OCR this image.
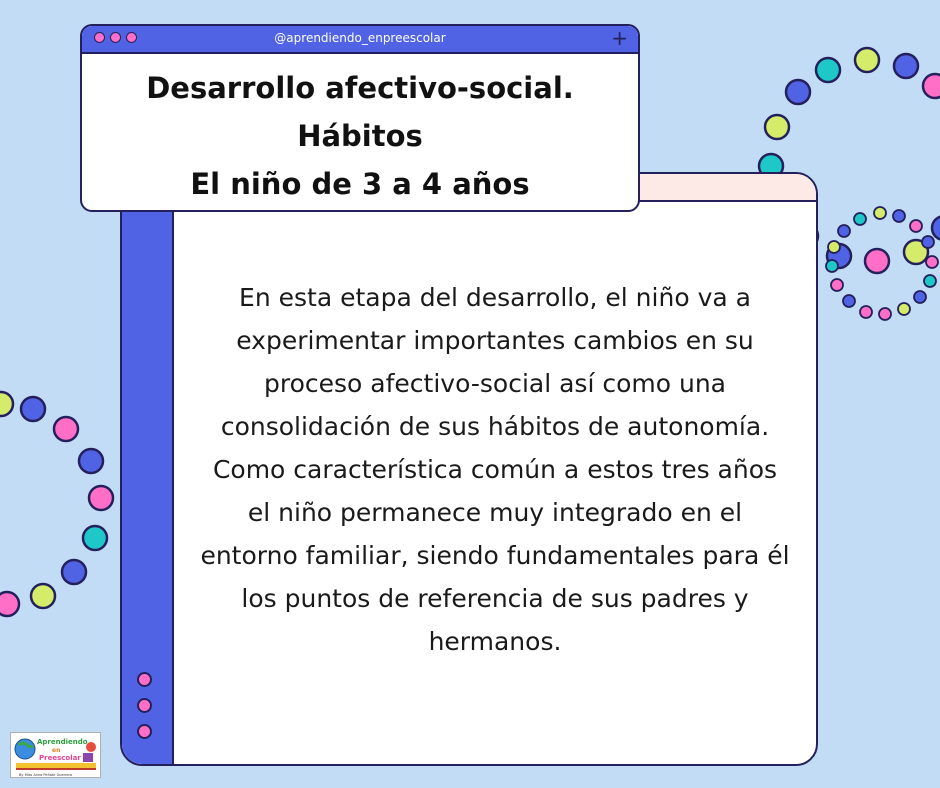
@aprendiendo_enpreescolar	+
Desarrollo afectivo-social.
Hábitos
El niño de 3 a 4 años

En esta etapa del desarrollo, el niño va a experimentar importantes cambios en su proceso afectivo-social así como una consolidación de sus hábitos de autonomía.

Como característica común a estos tres años el niño permanece muy integrado en el entorno familiar, siendo fundamentales para él los puntos de referencia de sus padres y hermanos.

Aprendiendo
en
Preescolar
By Miss Anna Peñate Guerrero
